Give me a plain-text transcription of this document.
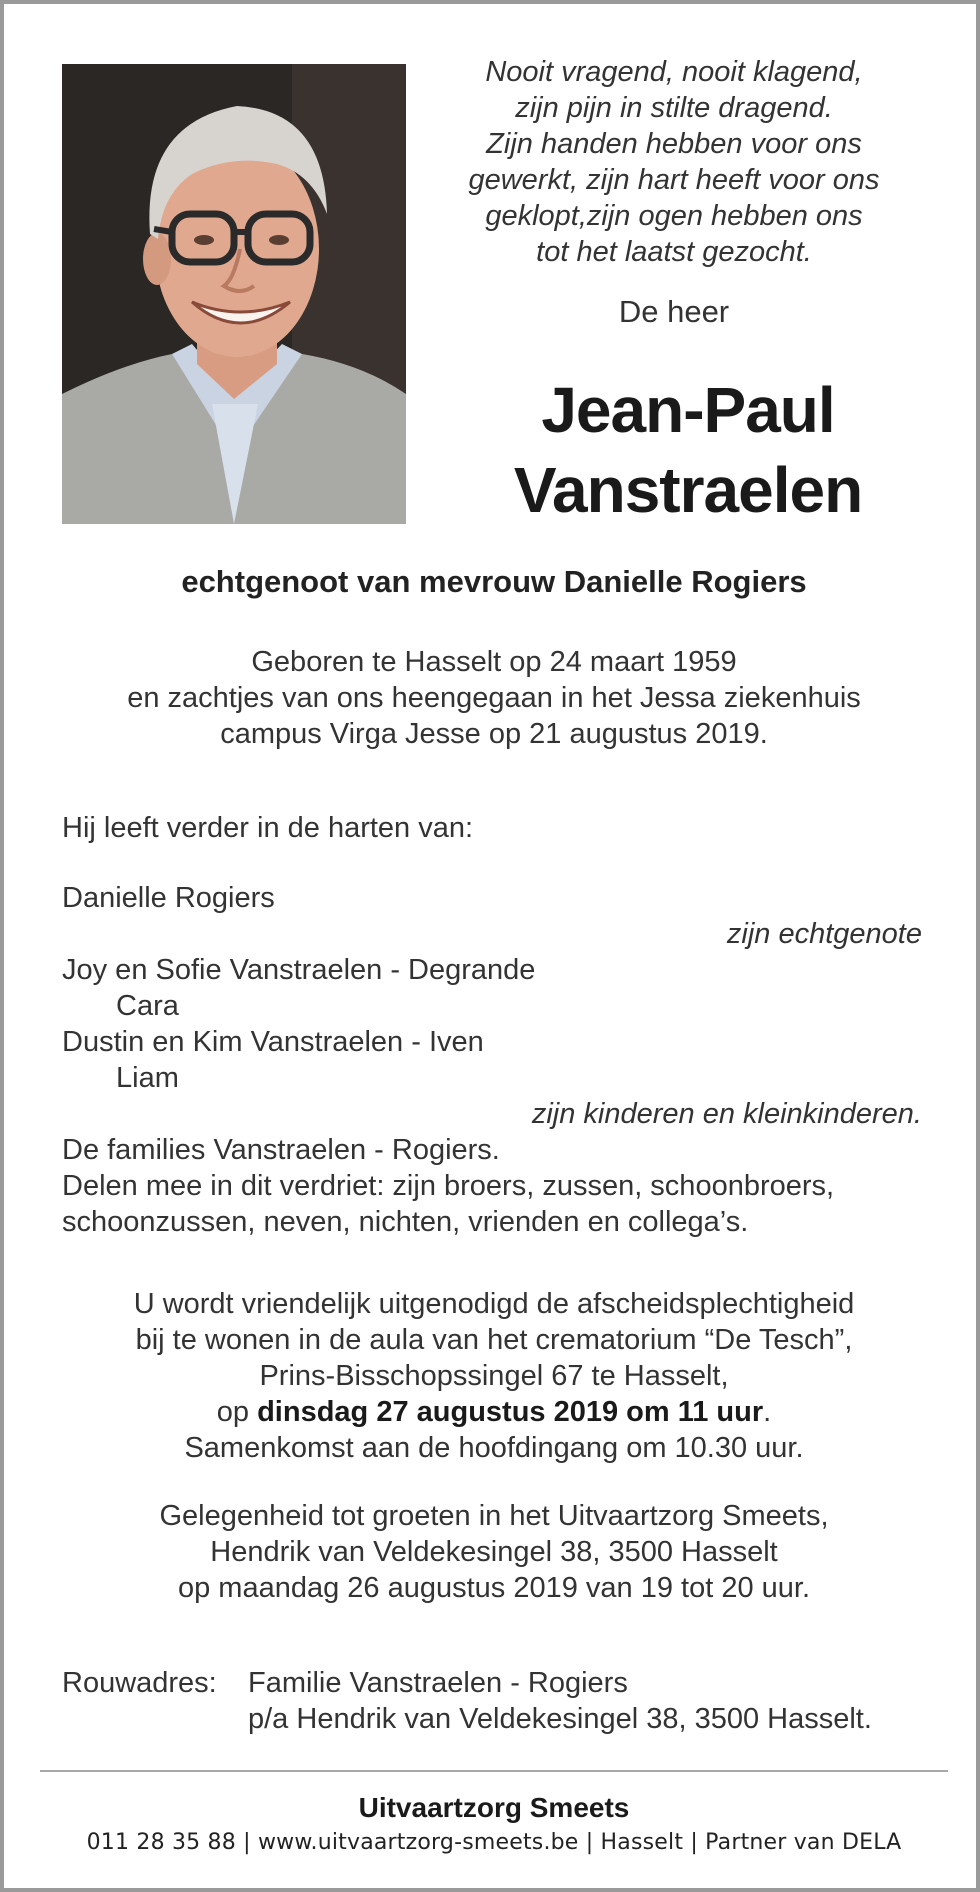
Nooit vragend, nooit klagend,

zijn pijn in stilte dragend.

Zijn handen hebben voor ons

gewerkt, zijn hart heeft voor ons

geklopt,zijn ogen hebben ons

tot het laatst gezocht.

De heer
Jean-Paul
Vanstraelen
echtgenoot van mevrouw Danielle Rogiers

Geboren te Hasselt op 24 maart 1959

en zachtjes van ons heengegaan in het Jessa ziekenhuis

campus Virga Jesse op 21 augustus 2019.

Hij leeft verder in de harten van:

Danielle Rogiers

zijn echtgenote

Joy en Sofie Vanstraelen - Degrande

Cara

Dustin en Kim Vanstraelen - Iven

Liam

zijn kinderen en kleinkinderen.

De families Vanstraelen - Rogiers.

Delen mee in dit verdriet: zijn broers, zussen, schoonbroers,

schoonzussen, neven, nichten, vrienden en collega’s.

U wordt vriendelijk uitgenodigd de afscheidsplechtigheid

bij te wonen in de aula van het crematorium “De Tesch”,

Prins-Bisschopssingel 67 te Hasselt,

op dinsdag 27 augustus 2019 om 11 uur.

Samenkomst aan de hoofdingang om 10.30 uur.

Gelegenheid tot groeten in het Uitvaartzorg Smeets,

Hendrik van Veldekesingel 38, 3500 Hasselt

op maandag 26 augustus 2019 van 19 tot 20 uur.

Rouwadres:	Familie Vanstraelen - Rogiers
p/a Hendrik van Veldekesingel 38, 3500 Hasselt.
Uitvaartzorg Smeets
011 28 35 88 | www.uitvaartzorg-smeets.be | Hasselt | Partner van DELA
